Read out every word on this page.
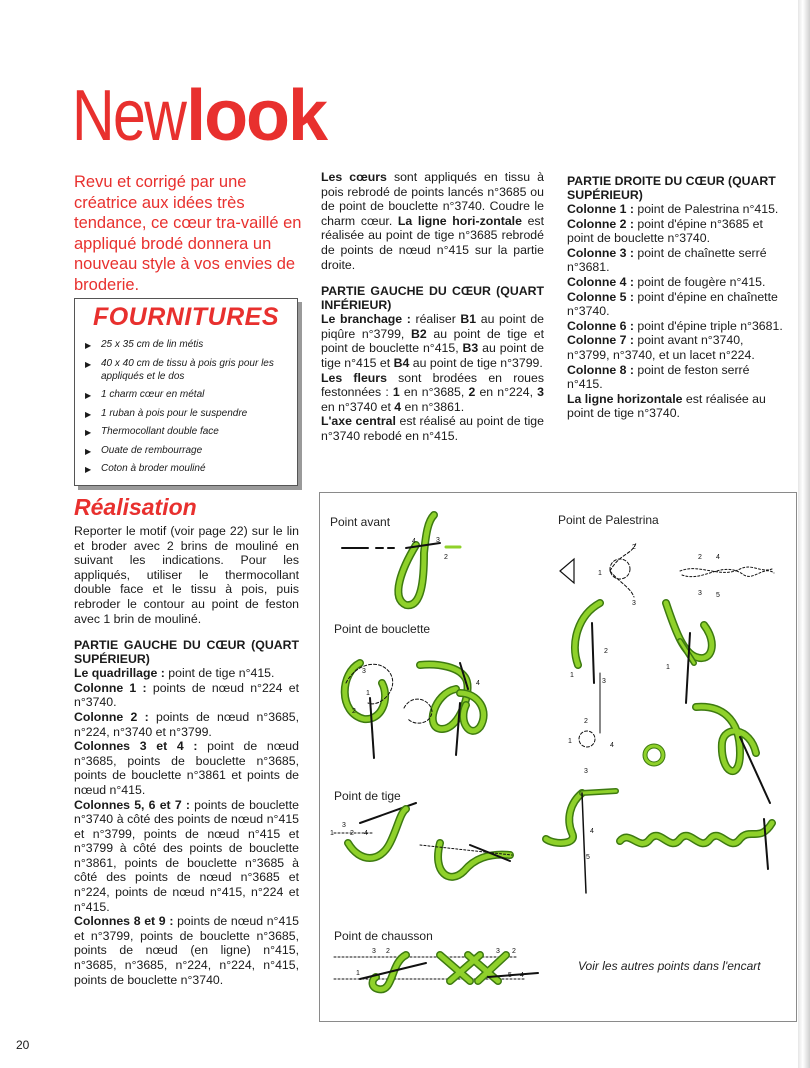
New look
Revu et corrigé par une créatrice aux idées très tendance, ce cœur tra-vaillé en appliqué brodé donnera un nouveau style à vos envies de broderie.
FOURNITURES
▶ 25 x 35 cm de lin métis
▶ 40 x 40 cm de tissu à pois gris pour les appliqués et le dos
▶ 1 charm cœur en métal
▶ 1 ruban à pois pour le suspendre
▶ Thermocollant double face
▶ Ouate de rembourrage
▶ Coton à broder mouliné
Réalisation

Reporter le motif (voir page 22) sur le lin et broder avec 2 brins de mouliné en suivant les indications. Pour les appliqués, utiliser le thermocollant double face et le tissu à pois, puis rebroder le contour au point de feston avec 1 brin de mouliné.

PARTIE GAUCHE DU CŒUR (QUART SUPÉRIEUR)

Le quadrillage : point de tige n°415.

Colonne 1 : points de nœud n°224 et n°3740.

Colonne 2 : points de nœud n°3685, n°224, n°3740 et n°3799.

Colonnes 3 et 4 : point de nœud n°3685, points de bouclette n°3685, points de bouclette n°3861 et points de nœud n°415.

Colonnes 5, 6 et 7 : points de bouclette n°3740 à côté des points de nœud n°415 et n°3799, points de nœud n°415 et n°3799 à côté des points de bouclette n°3861, points de bouclette n°3685 à côté des points de nœud n°3685 et n°224, points de nœud n°415, n°224 et n°415.

Colonnes 8 et 9 : points de nœud n°415 et n°3799, points de bouclette n°3685, points de nœud (en ligne) n°415, n°3685, n°3685, n°224, n°224, n°415, points de bouclette n°3740.

Les cœurs sont appliqués en tissu à pois rebrodé de points lancés n°3685 ou de point de bouclette n°3740. Coudre le charm cœur. La ligne hori-zontale est réalisée au point de tige n°3685 rebrodé de points de nœud n°415 sur la partie droite.

PARTIE GAUCHE DU CŒUR (QUART INFÉRIEUR)

Le branchage : réaliser B1 au point de piqûre n°3799, B2 au point de tige et point de bouclette n°415, B3 au point de tige n°415 et B4 au point de tige n°3799.

Les fleurs sont brodées en roues festonnées : 1 en n°3685, 2 en n°224, 3 en n°3740 et 4 en n°3861.

L'axe central est réalisé au point de tige n°3740 rebodé en n°415.

PARTIE DROITE DU CŒUR (QUART SUPÉRIEUR)

Colonne 1 : point de Palestrina n°415.

Colonne 2 : point d'épine n°3685 et point de bouclette n°3740.

Colonne 3 : point de chaînette serré n°3681.

Colonne 4 : point de fougère n°415.

Colonne 5 : point d'épine en chaînette n°3740.

Colonne 6 : point d'épine triple n°3681.

Colonne 7 : point avant n°3740, n°3799, n°3740, et un lacet n°224.

Colonne 8 : point de feston serré n°415.

La ligne horizontale est réalisée au point de tige n°3740.

Point avant	Point de Palestrina
Point de bouclette
Point de tige
Point de chausson
Voir les autres points dans l'encart
4	3
2
2
1
3
2 4
3 5
2
1
3
1
2
1
4
3
3
1
2
4
1
3
2 4	4
5
3 2
1
3 2
5 4
20
